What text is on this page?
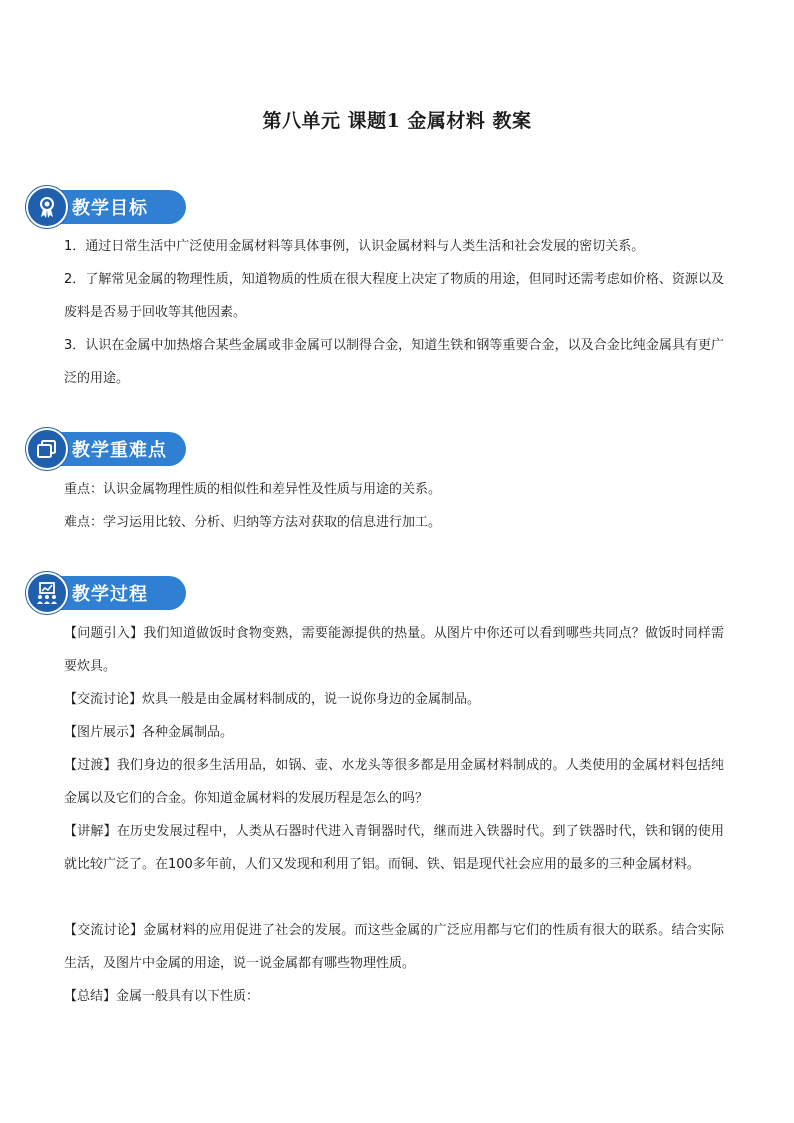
第八单元 课题1 金属材料 教案
教学目标

1．通过日常生活中广泛使用金属材料等具体事例，认识金属材料与人类生活和社会发展的密切关系。

2．了解常见金属的物理性质，知道物质的性质在很大程度上决定了物质的用途，但同时还需考虑如价格、资源以及废料是否易于回收等其他因素。

3．认识在金属中加热熔合某些金属或非金属可以制得合金，知道生铁和钢等重要合金，以及合金比纯金属具有更广泛的用途。

教学重难点

重点：认识金属物理性质的相似性和差异性及性质与用途的关系。

难点：学习运用比较、分析、归纳等方法对获取的信息进行加工。

教学过程

【问题引入】我们知道做饭时食物变熟，需要能源提供的热量。从图片中你还可以看到哪些共同点？做饭时同样需要炊具。

【交流讨论】炊具一般是由金属材料制成的，说一说你身边的金属制品。

【图片展示】各种金属制品。

【过渡】我们身边的很多生活用品，如锅、壶、水龙头等很多都是用金属材料制成的。人类使用的金属材料包括纯金属以及它们的合金。你知道金属材料的发展历程是怎么的吗？

【讲解】在历史发展过程中，人类从石器时代进入青铜器时代，继而进入铁器时代。到了铁器时代，铁和钢的使用就比较广泛了。在100多年前，人们又发现和利用了铝。而铜、铁、铝是现代社会应用的最多的三种金属材料。

【交流讨论】金属材料的应用促进了社会的发展。而这些金属的广泛应用都与它们的性质有很大的联系。结合实际生活，及图片中金属的用途，说一说金属都有哪些物理性质。

【总结】金属一般具有以下性质：
